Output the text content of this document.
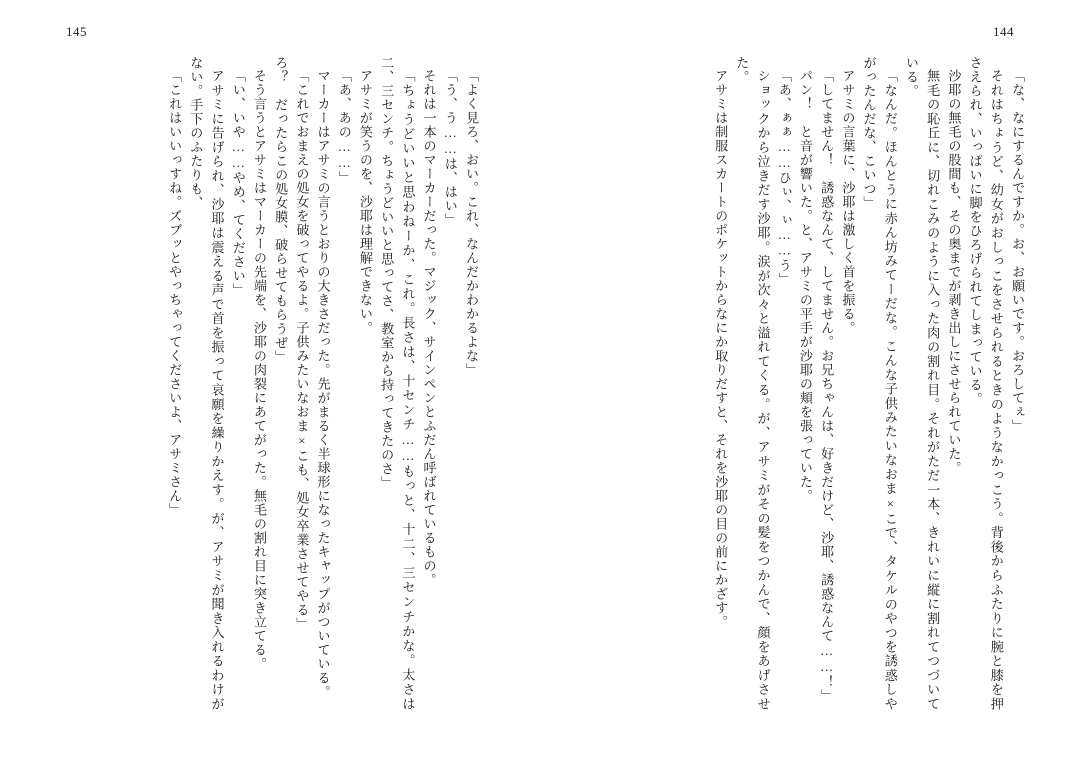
145	144

「よく見ろ、おい。これ、なんだかわかるよな」

「う、う……は、はい」

それは一本のマーカーだった。マジック、サインペンとふだん呼ばれているもの。

「ちょうどいいと思わねーか、これ。長さは、十センチ……もっと、十二、三センチかな。太さは二、三センチ。ちょうどいいと思ってさ、教室から持ってきたのさ」

アサミが笑うのを、沙耶は理解できない。

「あ、あの……」

マーカーはアサミの言うとおりの大きさだった。先がまるく半球形になったキャップがついている。

「これでおまえの処女を破ってやるよ。子供みたいなおま×こも、処女卒業させてやる」

ろ？　だったらこの処女膜、破らせてもらうぜ」

そう言うとアサミはマーカーの先端を、沙耶の肉裂にあてがった。無毛の割れ目に突き立てる。

「い、いや……やめ、てください」

アサミに告げられ、沙耶は震える声で首を振って哀願を繰りかえす。が、アサミが聞き入れるわけがない。手下のふたりも、

「これはいいっすね。ズブッとやっちゃってくださいよ、アサミさん」	「な、なにするんですか。お、お願いです。おろしてぇ」

それはちょうど、幼女がおしっこをさせられるときのようなかっこう。背後からふたりに腕と膝を押さえられ、いっぱいに脚をひろげられてしまっている。

沙耶の無毛の股間も、その奥までが剥き出しにさせられていた。

無毛の恥丘に、切れこみのように入った肉の割れ目。それがただ一本、きれいに縦に割れてつづいている。

「なんだ。ほんとうに赤ん坊みてーだな。こんな子供みたいなおま×こで、タケルのやつを誘惑しやがったんだな、こいつ」

アサミの言葉に、沙耶は激しく首を振る。

「してません！　誘惑なんて、してません。お兄ちゃんは、好きだけど、沙耶、誘惑なんて……！」

パン！　と音が響いた。と、アサミの平手が沙耶の頬を張っていた。

「あ、ぁぁ……ひぃ、ぃ……う」

ショックから泣きだす沙耶。涙が次々と溢れてくる。が、アサミがその髪をつかんで、顔をあげさせた。

アサミは制服スカートのポケットからなにか取りだすと、それを沙耶の目の前にかざす。
